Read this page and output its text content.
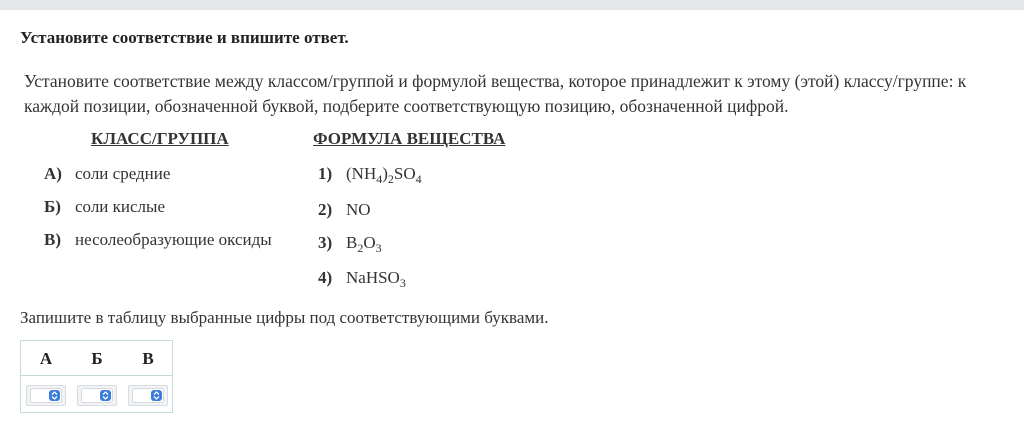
Установите соответствие и впишите ответ.
Установите соответствие между классом/группой и формулой вещества, которое принадлежит к этому (этой) классу/группе: к каждой позиции, обозначенной буквой, подберите соответствующую позицию, обозначенной цифрой.
КЛАСС/ГРУППА	ФОРМУЛА ВЕЩЕСТВА
А) соли средние
Б) соли кислые
В) несолеобразующие оксиды
1) $(NH_4)_2SO_4$
2) NO
3) $B_2O_3$
4) NaHSO$_3$
Запишите в таблицу выбранные цифры под соответствующими буквами.
А	Б	В
